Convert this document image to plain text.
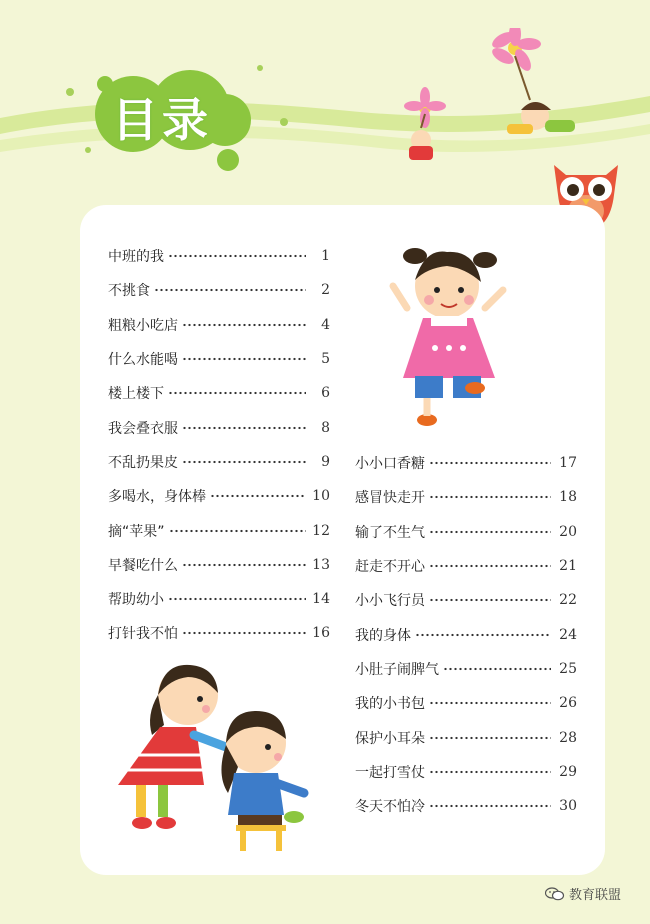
目录
中班的我	1
不挑食	2
粗粮小吃店	4
什么水能喝	5
楼上楼下	6
我会叠衣服	8
不乱扔果皮	9
多喝水，身体棒	10
摘“苹果”	12
早餐吃什么	13
帮助幼小	14
打针我不怕	16
小小口香糖	17
感冒快走开	18
输了不生气	20
赶走不开心	21
小小飞行员	22
我的身体	24
小肚子闹脾气	25
我的小书包	26
保护小耳朵	28
一起打雪仗	29
冬天不怕冷	30
教育联盟
